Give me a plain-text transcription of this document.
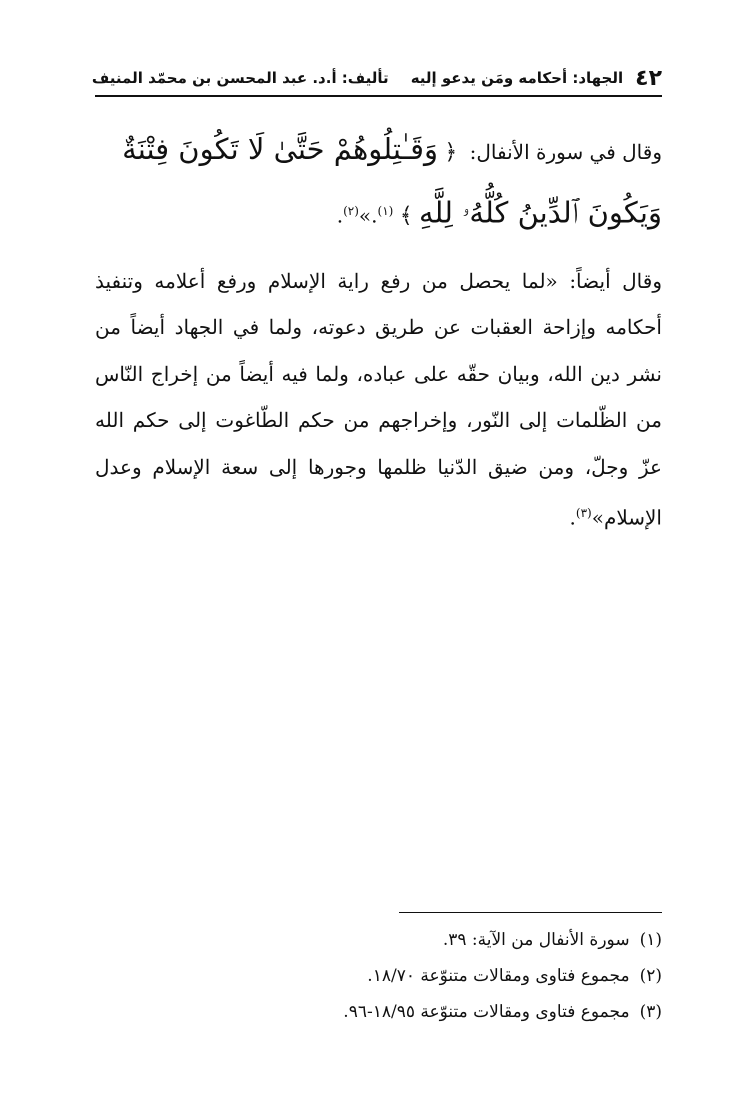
٤٢
الجهاد: أحكامه ومَن يدعو إليه
تأليف: أ.د. عبد المحسن بن محمّد المنيف
وقال في سورة الأنفال: ﴿ وَقَـٰتِلُوهُمْ حَتَّىٰ لَا تَكُونَ فِتْنَةٌ
وَيَكُونَ ٱلدِّينُ كُلُّهُۥ لِلَّهِ ﴾ $^{(١)}$.»$^{(٢)}$.
وقال أيضاً: «لما يحصل من رفع راية الإسلام ورفع أعلامه وتنفيذ أحكامه وإزاحة العقبات عن طريق دعوته، ولما في الجهاد أيضاً من نشر دين الله، وبيان حقّه على عباده، ولما فيه أيضاً من إخراج النّاس من الظّلمات إلى النّور، وإخراجهم من حكم الطّاغوت إلى حكم الله عزّ وجلّ، ومن ضيق الدّنيا ظلمها وجورها إلى سعة الإسلام وعدل الإسلام»$^{(٣)}$.
(١)سورة الأنفال من الآية: ٣٩.
(٢)مجموع فتاوى ومقالات متنوّعة ١٨/٧٠.
(٣)مجموع فتاوى ومقالات متنوّعة ١٨/٩٥-٩٦.
